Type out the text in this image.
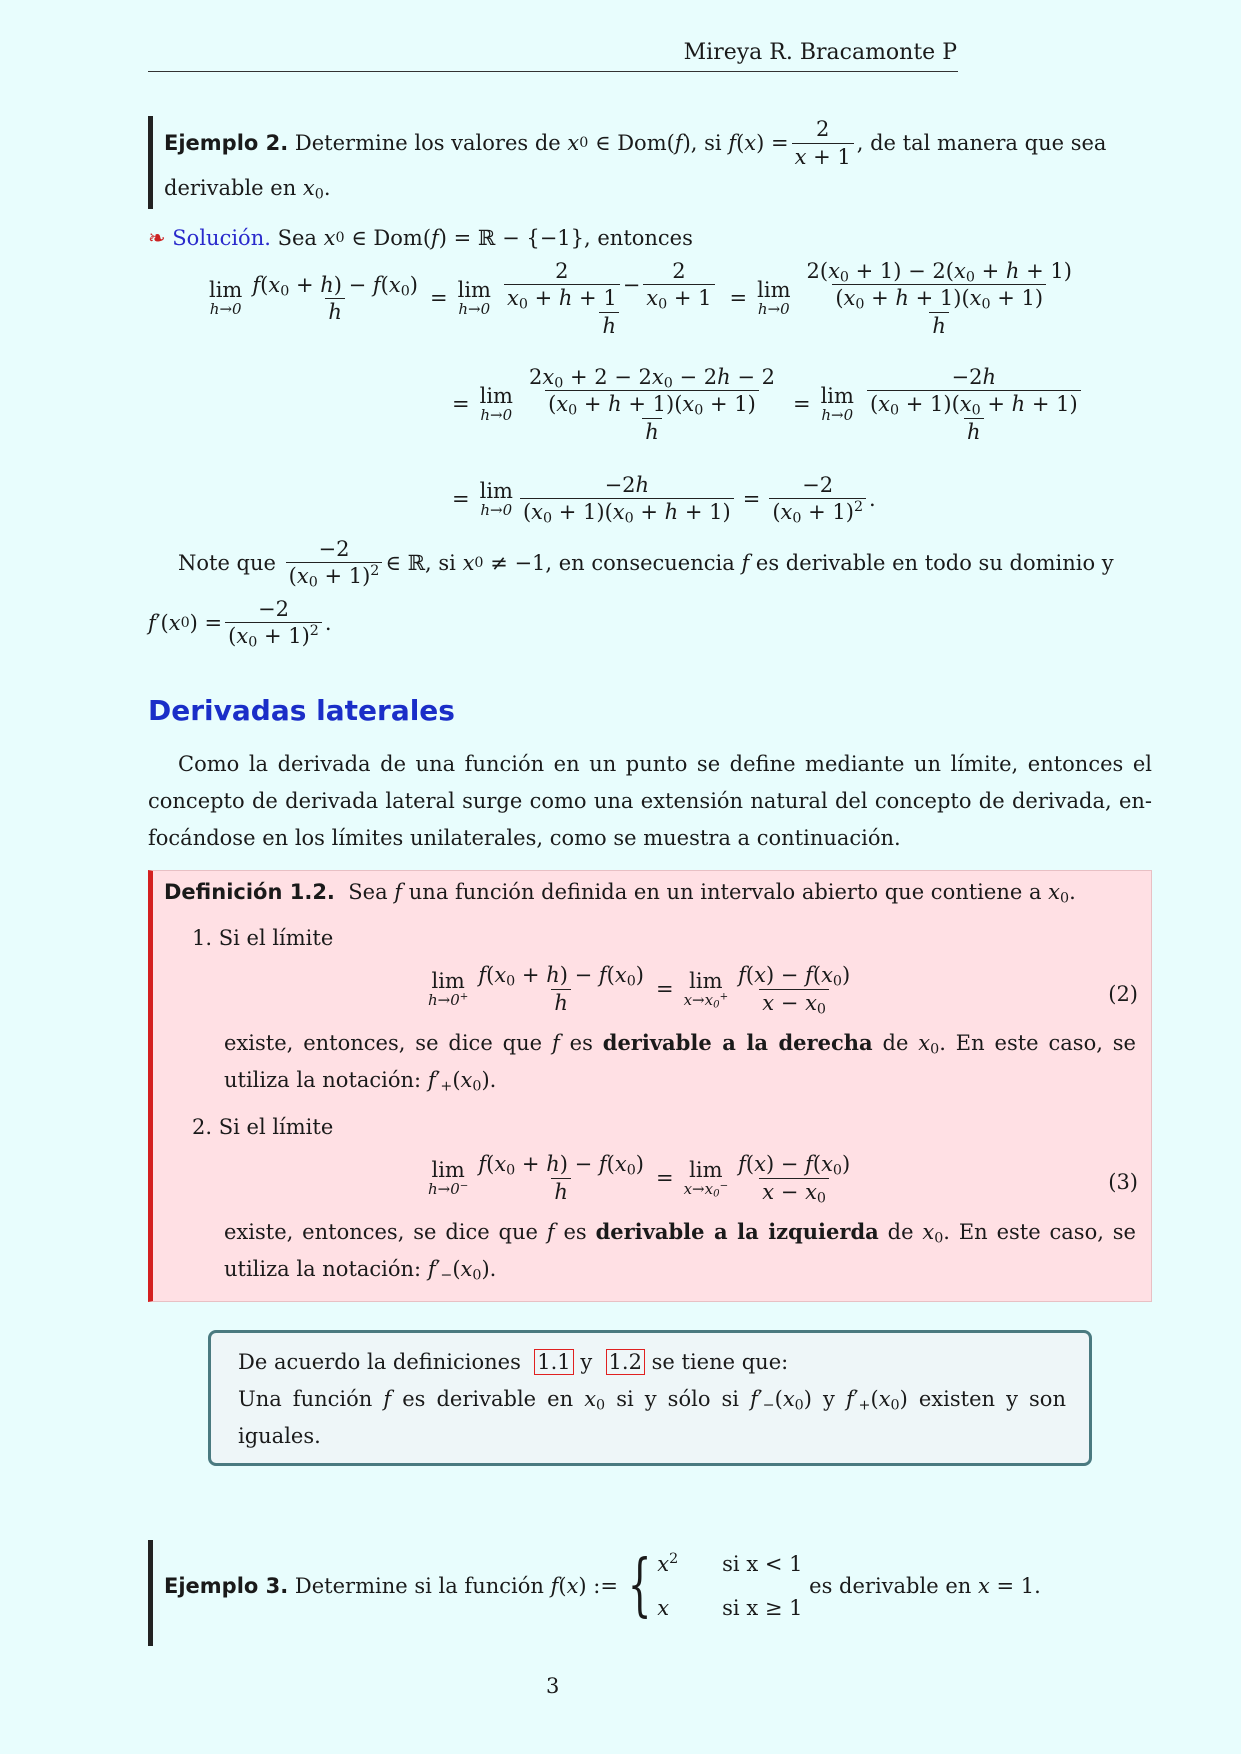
Mireya R. Bracamonte P
Ejemplo 2.
Determine los valores de
x 0 ∈ Dom( f ) , si
f ( x ) = $\frac{2}{x + 1}$ , de tal manera que sea
derivable en $x_0$.
❧
Solución.
Sea
x 0 ∈ Dom( f ) = ℝ − {−1} , entonces
lim
$h\to 0 \frac{f(x_0 + h) - f(x_0)}{h} = \lim$
$h\to 0 \frac{\frac{2}{x_0 + h + 1} - \frac{2}{x_0 + 1}}{h} = \lim$
$h\to 0 \frac{\frac{2(x_0 + 1) - 2(x_0 + h + 1)}{(x_0 + h + 1)(x_0 + 1)}}{h}$
= lim
$h\to 0 \frac{\frac{2x_0 + 2 - 2x_0 - 2h - 2}{(x_0 + h + 1)(x_0 + 1)}}{h} = \lim$
$h\to 0 \frac{\frac{-2h}{(x_0 + 1)(x_0 + h + 1)}}{h}$
= lim
$h\to 0 \frac{-2h}{(x_0 + 1)(x_0 + h + 1)} = \frac{-2}{(x_0 + 1)^2}$ .
Note que
$\frac{-2}{(x_0 + 1)^2}$ ∈ ℝ , si
x 0 ≠ −1 , en consecuencia
f
es derivable en todo su dominio y
f ′( x 0 ) = $\frac{-2}{(x_0 + 1)^2}$ .
Derivadas laterales
Como la derivada de una función en un punto se define mediante un límite, entonces el
concepto de derivada lateral surge como una extensión natural del concepto de derivada, en-
focándose en los límites unilaterales, como se muestra a continuación.
Definición 1.2. Sea f una función definida en un intervalo abierto que contiene a $x_0$.
1. Si el límite
lim
$h\to 0^+ \frac{f(x_0 + h) - f(x_0)}{h} = \lim$
$x\to x_0^+ \frac{f(x) - f(x_0)}{x - x_0}$	(2)
existe, entonces, se dice que f es derivable a la derecha de $x_0$. En este caso, se
utiliza la notación: $f'_+(x_0)$.
2. Si el límite
lim
$h\to 0^- \frac{f(x_0 + h) - f(x_0)}{h} = \lim$
$x\to x_0^- \frac{f(x) - f(x_0)}{x - x_0}$	(3)
existe, entonces, se dice que f es derivable a la izquierda de $x_0$. En este caso, se
utiliza la notación: $f'_-(x_0)$.
De acuerdo la definiciones 1.1 y 1.2 se tiene que:
Una función f es derivable en $x_0$ si y sólo si $f'_-(x_0)$ y $f'_+(x_0)$ existen y son
iguales.
Ejemplo 3.
Determine si la función
f ( x ) := { $x^2$
x
si x < 1
si x ≥ 1

es derivable en
x = 1.
3
